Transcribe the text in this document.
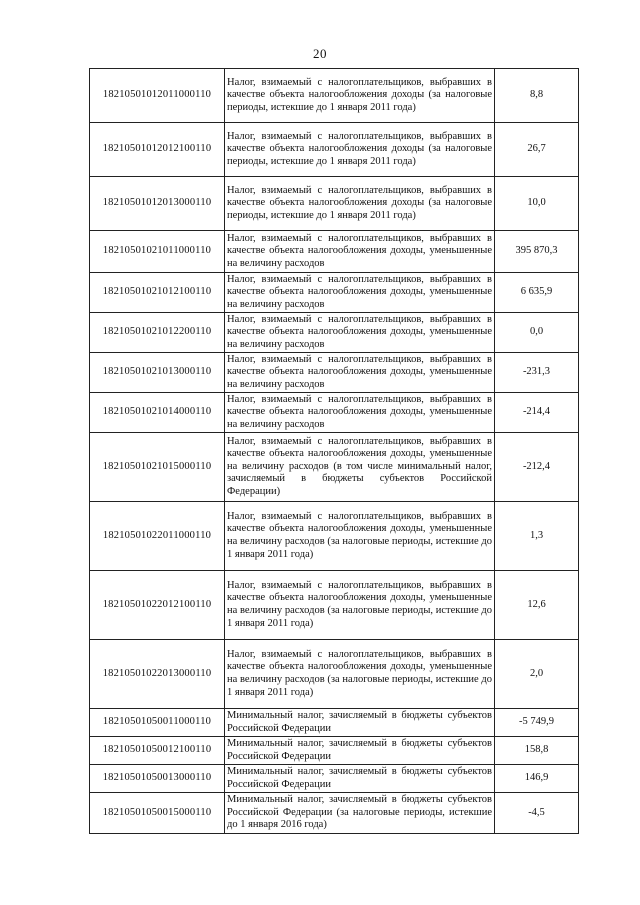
20
18210501012011000110	Налог, взимаемый с налогоплательщиков, выбравших в качестве объекта налогообложения доходы (за налоговые периоды, истекшие до 1 января 2011 года)	8,8
18210501012012100110	Налог, взимаемый с налогоплательщиков, выбравших в качестве объекта налогообложения доходы (за налоговые периоды, истекшие до 1 января 2011 года)	26,7
18210501012013000110	Налог, взимаемый с налогоплательщиков, выбравших в качестве объекта налогообложения доходы (за налоговые периоды, истекшие до 1 января 2011 года)	10,0
18210501021011000110	Налог, взимаемый с налогоплательщиков, выбравших в качестве объекта налогообложения доходы, уменьшенные на величину расходов	395 870,3
18210501021012100110	Налог, взимаемый с налогоплательщиков, выбравших в качестве объекта налогообложения доходы, уменьшенные на величину расходов	6 635,9
18210501021012200110	Налог, взимаемый с налогоплательщиков, выбравших в качестве объекта налогообложения доходы, уменьшенные на величину расходов	0,0
18210501021013000110	Налог, взимаемый с налогоплательщиков, выбравших в качестве объекта налогообложения доходы, уменьшенные на величину расходов	-231,3
18210501021014000110	Налог, взимаемый с налогоплательщиков, выбравших в качестве объекта налогообложения доходы, уменьшенные на величину расходов	-214,4
18210501021015000110	Налог, взимаемый с налогоплательщиков, выбравших в качестве объекта налогообложения доходы, уменьшенные на величину расходов (в том числе минимальный налог, зачисляемый в бюджеты субъектов Российской Федерации)	-212,4
18210501022011000110	Налог, взимаемый с налогоплательщиков, выбравших в качестве объекта налогообложения доходы, уменьшенные на величину расходов (за налоговые периоды, истекшие до 1 января 2011 года)	1,3
18210501022012100110	Налог, взимаемый с налогоплательщиков, выбравших в качестве объекта налогообложения доходы, уменьшенные на величину расходов (за налоговые периоды, истекшие до 1 января 2011 года)	12,6
18210501022013000110	Налог, взимаемый с налогоплательщиков, выбравших в качестве объекта налогообложения доходы, уменьшенные на величину расходов (за налоговые периоды, истекшие до 1 января 2011 года)	2,0
18210501050011000110	Минимальный налог, зачисляемый в бюджеты субъектов Российской Федерации	-5 749,9
18210501050012100110	Минимальный налог, зачисляемый в бюджеты субъектов Российской Федерации	158,8
18210501050013000110	Минимальный налог, зачисляемый в бюджеты субъектов Российской Федерации	146,9
18210501050015000110	Минимальный налог, зачисляемый в бюджеты субъектов Российской Федерации (за налоговые периоды, истекшие до 1 января 2016 года)	-4,5
